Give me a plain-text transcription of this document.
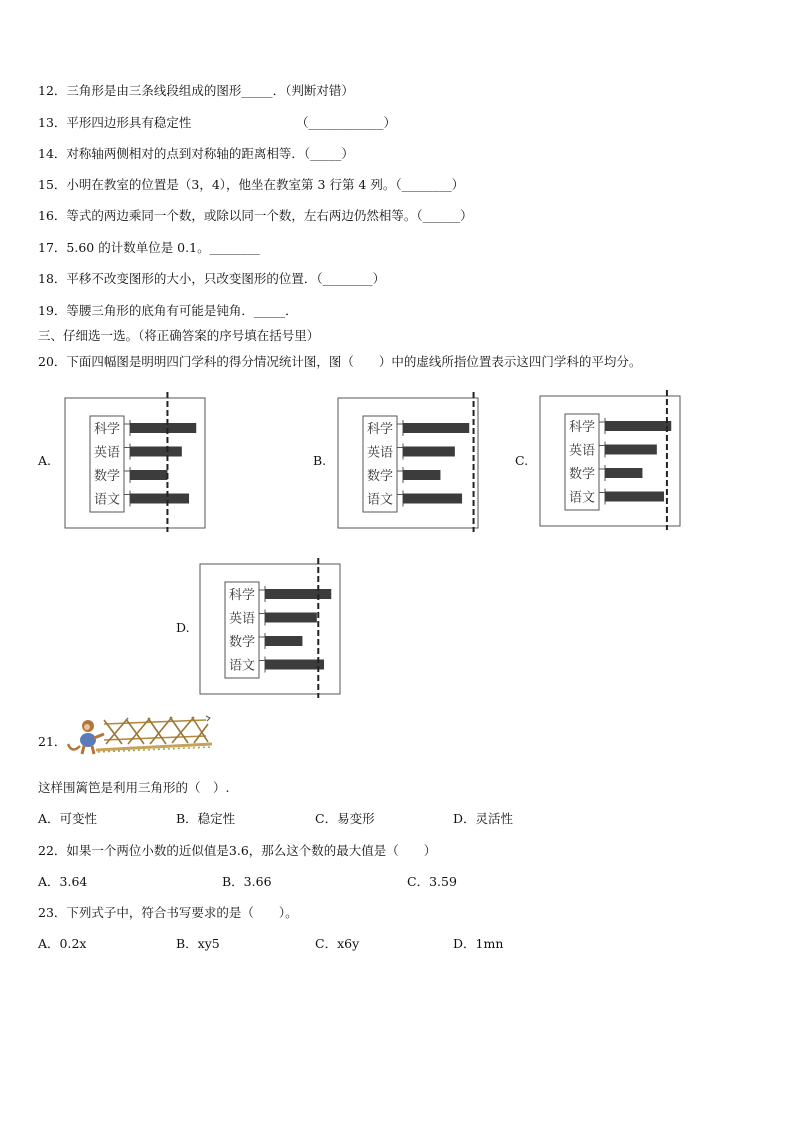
12．三角形是由三条线段组成的图形_____．（判断对错）
13．平形四边形具有稳定性	（____________）
14．对称轴两侧相对的点到对称轴的距离相等．（_____）
15．小明在教室的位置是（3，4），他坐在教室第 3 行第 4 列。（________）
16．等式的两边乘同一个数，或除以同一个数，左右两边仍然相等。（______）
17．5.60 的计数单位是 0.1。________
18．平移不改变图形的大小，只改变图形的位置．（________）
19．等腰三角形的底角有可能是钝角．_____．
三、仔细选一选。（将正确答案的序号填在括号里）
20．下面四幅图是明明四门学科的得分情况统计图，图（　　）中的虚线所指位置表示这四门学科的平均分。
A.
科学
英语
数学
语文
B.
科学
英语
数学
语文
C.
科学
英语
数学
语文
D.
科学
英语
数学
语文
21．
这样围篱笆是利用三角形的（　）.
A．可变性	B．稳定性	C．易变形	D．灵活性
22．如果一个两位小数的近似值是3.6，那么这个数的最大值是（　　）
A．3.64	B．3.66	C．3.59
23．下列式子中，符合书写要求的是（　　）。
A．0.2x	B．xy5	C．x6y	D．1mn
